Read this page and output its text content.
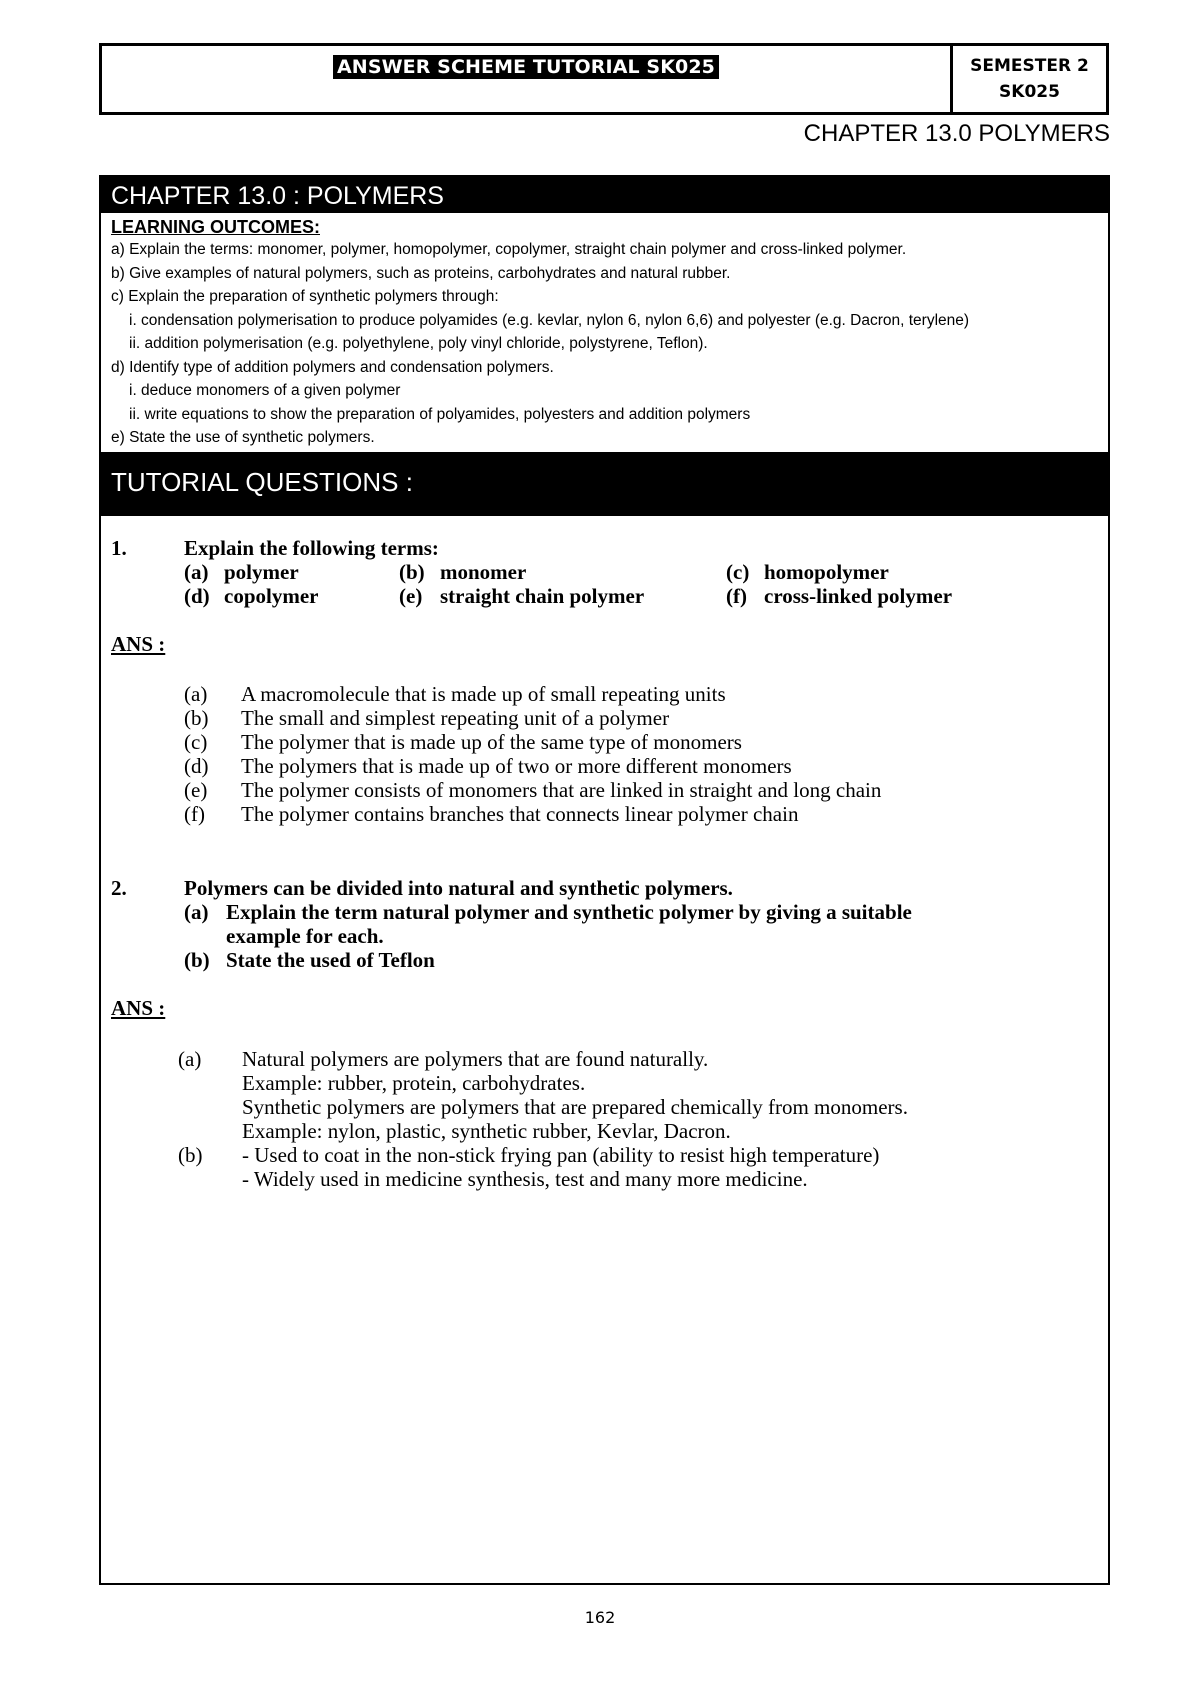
ANSWER SCHEME TUTORIAL SK025	SEMESTER 2
SK025
CHAPTER 13.0 POLYMERS
CHAPTER 13.0 : POLYMERS
LEARNING OUTCOMES:
a) Explain the terms: monomer, polymer, homopolymer, copolymer, straight chain polymer and cross-linked polymer.
b) Give examples of natural polymers, such as proteins, carbohydrates and natural rubber.
c) Explain the preparation of synthetic polymers through:
i. condensation polymerisation to produce polyamides (e.g. kevlar, nylon 6, nylon 6,6) and polyester (e.g. Dacron, terylene)
ii. addition polymerisation (e.g. polyethylene, poly vinyl chloride, polystyrene, Teflon).
d) Identify type of addition polymers and condensation polymers.
i. deduce monomers of a given polymer
ii. write equations to show the preparation of polyamides, polyesters and addition polymers
e) State the use of synthetic polymers.
TUTORIAL QUESTIONS :
1.	Explain the following terms:
(a) polymer	(b) monomer	(c) homopolymer
(d) copolymer	(e) straight chain polymer	(f) cross-linked polymer
ANS :
(a) A macromolecule that is made up of small repeating units
(b) The small and simplest repeating unit of a polymer
(c) The polymer that is made up of the same type of monomers
(d) The polymers that is made up of two or more different monomers
(e) The polymer consists of monomers that are linked in straight and long chain
(f) The polymer contains branches that connects linear polymer chain
2.	Polymers can be divided into natural and synthetic polymers.
(a) Explain the term natural polymer and synthetic polymer by giving a suitable
example for each.
(b) State the used of Teflon
ANS :
(a) Natural polymers are polymers that are found naturally.
Example: rubber, protein, carbohydrates.
Synthetic polymers are polymers that are prepared chemically from monomers.
Example: nylon, plastic, synthetic rubber, Kevlar, Dacron.
(b) - Used to coat in the non-stick frying pan (ability to resist high temperature)
- Widely used in medicine synthesis, test and many more medicine.
162
